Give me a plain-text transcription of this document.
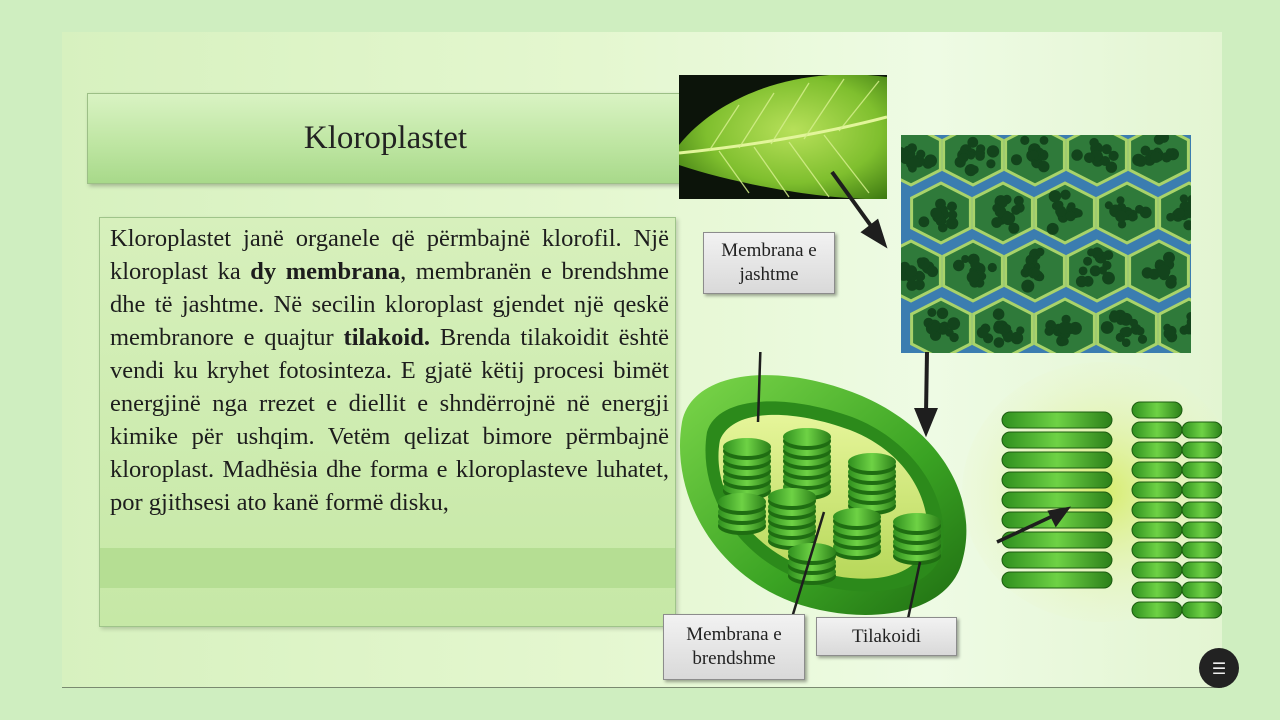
Kloroplastet

Kloroplastet janë organele që përmbajnë klorofil. Një kloroplast ka dy membrana, membranën e brendshme dhe të jashtme. Në secilin kloroplast gjendet një qeskë membranore e quajtur tilakoid. Brenda tilakoidit është vendi ku kryhet fotosinteza. E gjatë këtij procesi bimët energjinë nga rrezet e diellit e shndërrojnë në energji kimike për ushqim. Vetëm qelizat bimore përmbajnë kloroplast. Madhësia dhe forma e kloroplasteve luhatet, por gjithsesi ato kanë formë disku,

Membrana e
jashtme
Membrana e
brendshme
Tilakoidi
☰
